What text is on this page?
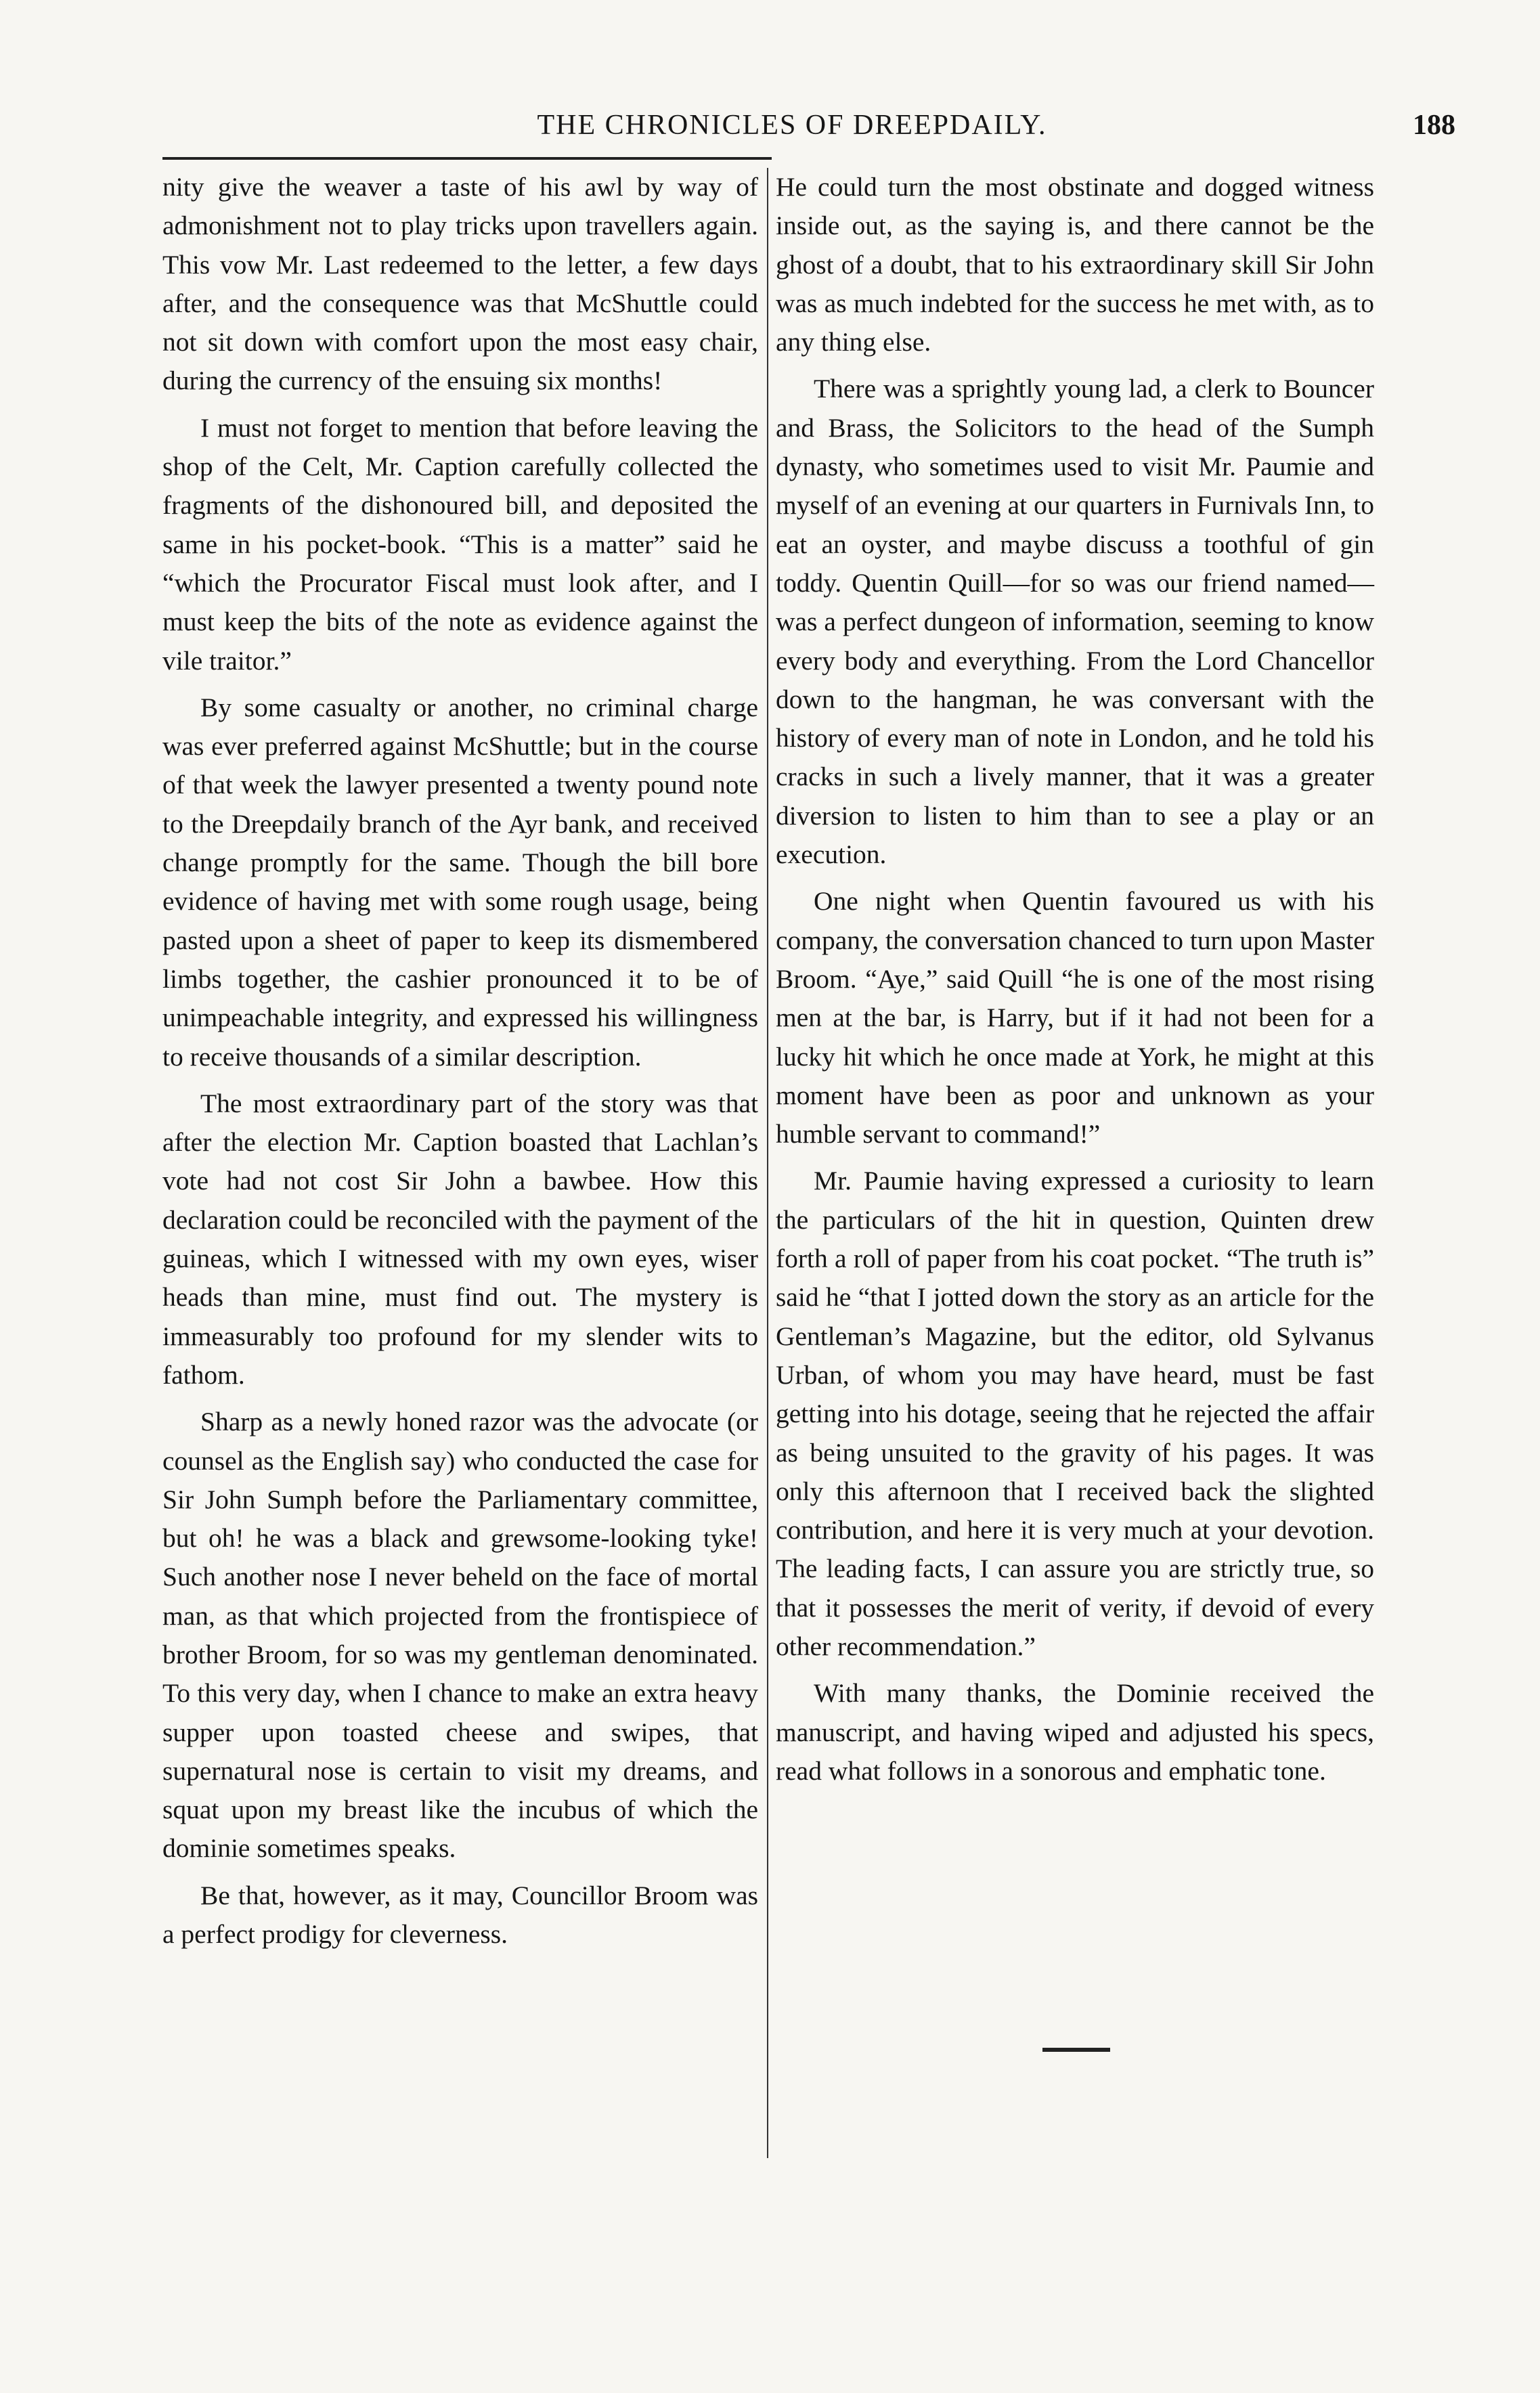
THE CHRONICLES OF DREEPDAILY.	188

nity give the weaver a taste of his awl by way of admonishment not to play tricks upon travellers again. This vow Mr. Last redeemed to the letter, a few days after, and the consequence was that McShuttle could not sit down with comfort upon the most easy chair, during the currency of the ensuing six months!

I must not forget to mention that before leaving the shop of the Celt, Mr. Caption carefully collected the fragments of the dishonoured bill, and deposited the same in his pocket-book. “This is a matter” said he “which the Procurator Fiscal must look after, and I must keep the bits of the note as evidence against the vile traitor.”

By some casualty or another, no criminal charge was ever preferred against McShuttle; but in the course of that week the lawyer presented a twenty pound note to the Dreepdaily branch of the Ayr bank, and received change promptly for the same. Though the bill bore evidence of having met with some rough usage, being pasted upon a sheet of paper to keep its dismembered limbs together, the cashier pronounced it to be of unimpeachable integrity, and expressed his willingness to receive thousands of a similar description.

The most extraordinary part of the story was that after the election Mr. Caption boasted that Lachlan’s vote had not cost Sir John a bawbee. How this declaration could be reconciled with the payment of the guineas, which I witnessed with my own eyes, wiser heads than mine, must find out. The mystery is immeasurably too profound for my slender wits to fathom.

Sharp as a newly honed razor was the advocate (or counsel as the English say) who conducted the case for Sir John Sumph before the Parliamentary committee, but oh! he was a black and grewsome-looking tyke! Such another nose I never beheld on the face of mortal man, as that which projected from the frontispiece of brother Broom, for so was my gentleman denominated. To this very day, when I chance to make an extra heavy supper upon toasted cheese and swipes, that supernatural nose is certain to visit my dreams, and squat upon my breast like the incubus of which the dominie sometimes speaks.

Be that, however, as it may, Councillor Broom was a perfect prodigy for cleverness.

He could turn the most obstinate and dogged witness inside out, as the saying is, and there cannot be the ghost of a doubt, that to his extraordinary skill Sir John was as much indebted for the success he met with, as to any thing else.

There was a sprightly young lad, a clerk to Bouncer and Brass, the Solicitors to the head of the Sumph dynasty, who sometimes used to visit Mr. Paumie and myself of an evening at our quarters in Furnivals Inn, to eat an oyster, and maybe discuss a toothful of gin toddy. Quentin Quill—for so was our friend named—was a perfect dungeon of information, seeming to know every body and everything. From the Lord Chancellor down to the hangman, he was conversant with the history of every man of note in London, and he told his cracks in such a lively manner, that it was a greater diversion to listen to him than to see a play or an execution.

One night when Quentin favoured us with his company, the conversation chanced to turn upon Master Broom. “Aye,” said Quill “he is one of the most rising men at the bar, is Harry, but if it had not been for a lucky hit which he once made at York, he might at this moment have been as poor and unknown as your humble servant to command!”

Mr. Paumie having expressed a curiosity to learn the particulars of the hit in question, Quinten drew forth a roll of paper from his coat pocket. “The truth is” said he “that I jotted down the story as an article for the Gentleman’s Magazine, but the editor, old Sylvanus Urban, of whom you may have heard, must be fast getting into his dotage, seeing that he rejected the affair as being unsuited to the gravity of his pages. It was only this afternoon that I received back the slighted contribution, and here it is very much at your devotion. The leading facts, I can assure you are strictly true, so that it possesses the merit of verity, if devoid of every other recommendation.”

With many thanks, the Dominie received the manuscript, and having wiped and adjusted his specs, read what follows in a sonorous and emphatic tone.
